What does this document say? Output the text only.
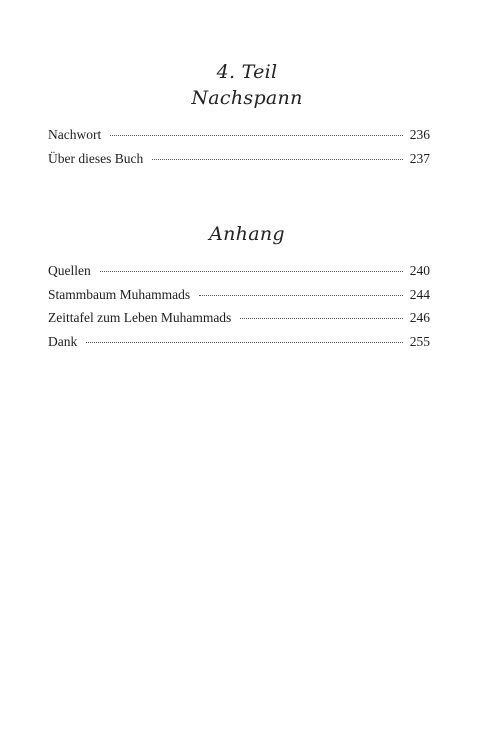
4. Teil
Nachspann
Nachwort	236
Über dieses Buch	237
Anhang
Quellen	240
Stammbaum Muhammads	244
Zeittafel zum Leben Muhammads	246
Dank	255
